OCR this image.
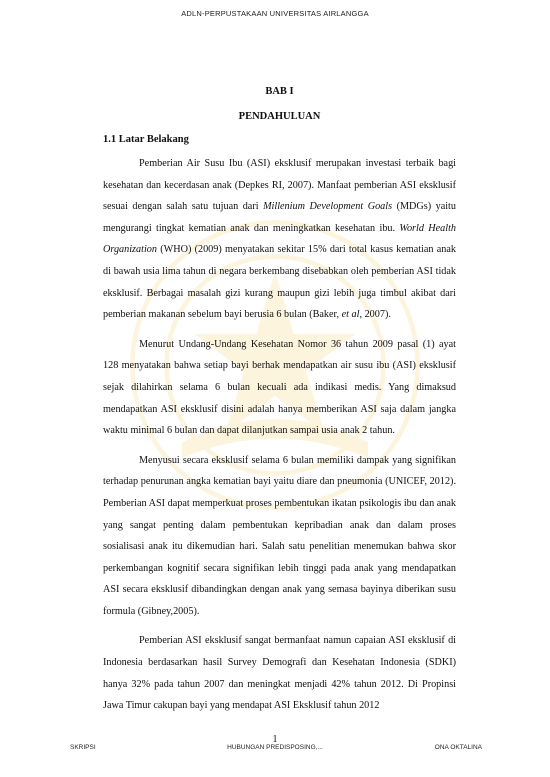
ADLN-PERPUSTAKAAN UNIVERSITAS AIRLANGGA
BAB I
PENDAHULUAN
1.1 Latar Belakang

Pemberian Air Susu Ibu (ASI) eksklusif merupakan investasi terbaik bagi kesehatan dan kecerdasan anak (Depkes RI, 2007). Manfaat pemberian ASI eksklusif sesuai dengan salah satu tujuan dari Millenium Development Goals (MDGs) yaitu mengurangi tingkat kematian anak dan meningkatkan kesehatan ibu. World Health Organization (WHO) (2009) menyatakan sekitar 15% dari total kasus kematian anak di bawah usia lima tahun di negara berkembang disebabkan oleh pemberian ASI tidak eksklusif. Berbagai masalah gizi kurang maupun gizi lebih juga timbul akibat dari pemberian makanan sebelum bayi berusia 6 bulan (Baker, et al, 2007).

Menurut Undang-Undang Kesehatan Nomor 36 tahun 2009 pasal (1) ayat 128 menyatakan bahwa setiap bayi berhak mendapatkan air susu ibu (ASI) eksklusif sejak dilahirkan selama 6 bulan kecuali ada indikasi medis. Yang dimaksud mendapatkan ASI eksklusif disini adalah hanya memberikan ASI saja dalam jangka waktu minimal 6 bulan dan dapat dilanjutkan sampai usia anak 2 tahun.

Menyusui secara eksklusif selama 6 bulan memiliki dampak yang signifikan terhadap penurunan angka kematian bayi yaitu diare dan pneumonia (UNICEF, 2012). Pemberian ASI dapat memperkuat proses pembentukan ikatan psikologis ibu dan anak yang sangat penting dalam pembentukan kepribadian anak dan dalam proses sosialisasi anak itu dikemudian hari. Salah satu penelitian menemukan bahwa skor perkembangan kognitif secara signifikan lebih tinggi pada anak yang mendapatkan ASI secara eksklusif dibandingkan dengan anak yang semasa bayinya diberikan susu formula (Gibney,2005).

Pemberian ASI eksklusif sangat bermanfaat namun capaian ASI eksklusif di Indonesia berdasarkan hasil Survey Demografi dan Kesehatan Indonesia (SDKI) hanya 32% pada tahun 2007 dan meningkat menjadi 42% tahun 2012. Di Propinsi Jawa Timur cakupan bayi yang mendapat ASI Eksklusif tahun 2012

1
SKRIPSI	HUBUNGAN PREDISPOSING,...	ONA OKTALINA
